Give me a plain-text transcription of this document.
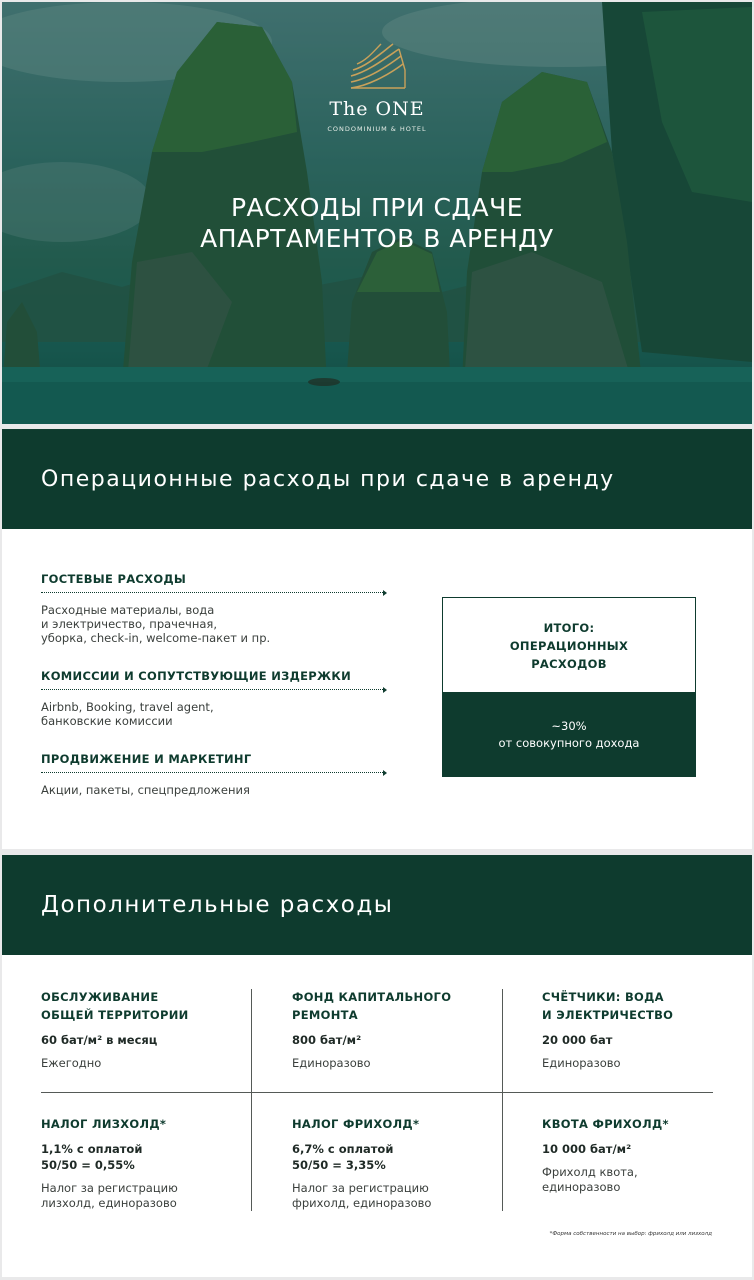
The ONE
CONDOMINIUM & HOTEL
РАСХОДЫ ПРИ СДАЧЕ
АПАРТАМЕНТОВ В АРЕНДУ
Операционные расходы при сдаче в аренду
ГОСТЕВЫЕ РАСХОДЫ
Расходные материалы, вода
и электричество, прачечная,
уборка, check-in, welcome-пакет и пр.
КОМИССИИ И СОПУТСТВУЮЩИЕ ИЗДЕРЖКИ
Airbnb, Booking, travel agent,
банковские комиссии
ПРОДВИЖЕНИЕ И МАРКЕТИНГ
Акции, пакеты, спецпредложения
ИТОГО:
ОПЕРАЦИОННЫХ
РАСХОДОВ
~30%
от совокупного дохода
Дополнительные расходы
ОБСЛУЖИВАНИЕ
ОБЩЕЙ ТЕРРИТОРИИ
60 бат/м² в месяц
Ежегодно
ФОНД КАПИТАЛЬНОГО
РЕМОНТА
800 бат/м²
Единоразово
СЧЁТЧИКИ: ВОДА
И ЭЛЕКТРИЧЕСТВО
20 000 бат
Единоразово
НАЛОГ ЛИЗХОЛД*
1,1% с оплатой
50/50 = 0,55%
Налог за регистрацию
лизхолд, единоразово
НАЛОГ ФРИХОЛД*
6,7% с оплатой
50/50 = 3,35%
Налог за регистрацию
фрихолд, единоразово
КВОТА ФРИХОЛД*
10 000 бат/м²
Фрихолд квота,
единоразово
*Форма собственности на выбор: фрихолд или лизхолд
